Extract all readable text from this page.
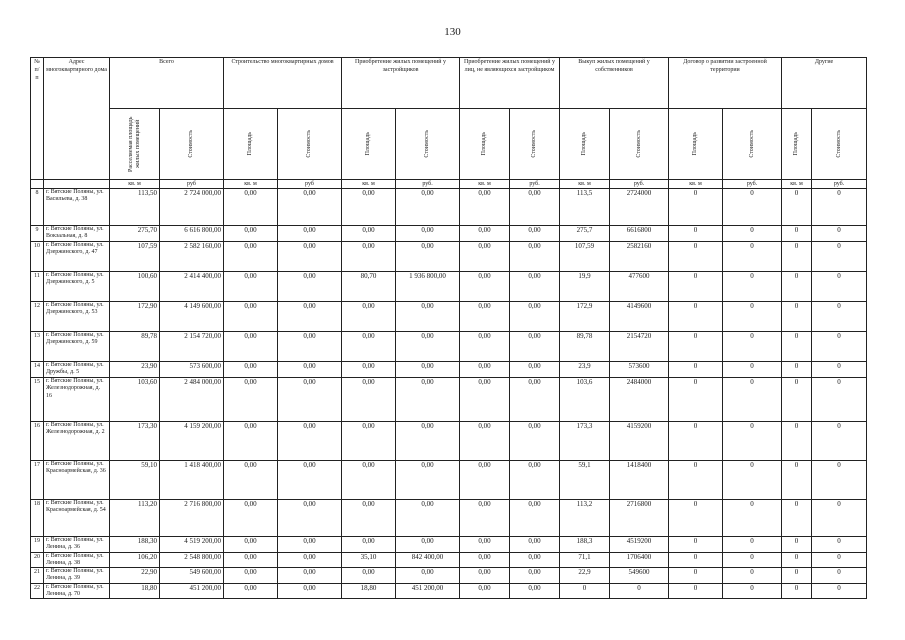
130
№ п/п	Адрес многоквартирного дома	Всего		Строительство многоквартирных домов		Приобретение жилых помещений у застройщиков		Приобретение жилых помещений у лиц, не являющихся застройщиком		Выкуп жилых помещений у собственников		Договор о развитии застроенной территории		Другие	

		Расселяемая площадь жилых помещений	Стоимость	Площадь	Стоимость	Площадь	Стоимость	Площадь	Стоимость	Площадь	Стоимость	Площадь	Стоимость	Площадь	Стоимость

		кв. м	руб	кв. м	руб	кв. м	руб.	кв. м	руб.	кв. м	руб.	кв. м	руб.	кв. м	руб.
8	г. Вятские Поляны, ул. Васильева, д. 38	113,50	2 724 000,00	0,00	0,00	0,00	0,00	0,00	0,00	113,5	2724000	0	0	0	0
9	г. Вятские Поляны, ул. Вокзальная, д. 8	275,70	6 616 800,00	0,00	0,00	0,00	0,00	0,00	0,00	275,7	6616800	0	0	0	0
10	г. Вятские Поляны, ул. Дзержинского, д. 47	107,59	2 582 160,00	0,00	0,00	0,00	0,00	0,00	0,00	107,59	2582160	0	0	0	0
11	г. Вятские Поляны, ул. Дзержинского, д. 5	100,60	2 414 400,00	0,00	0,00	80,70	1 936 800,00	0,00	0,00	19,9	477600	0	0	0	0
12	г. Вятские Поляны, ул. Дзержинского, д. 53	172,90	4 149 600,00	0,00	0,00	0,00	0,00	0,00	0,00	172,9	4149600	0	0	0	0
13	г. Вятские Поляны, ул. Дзержинского, д. 59	89,78	2 154 720,00	0,00	0,00	0,00	0,00	0,00	0,00	89,78	2154720	0	0	0	0
14	г. Вятские Поляны, ул. Дружбы, д. 5	23,90	573 600,00	0,00	0,00	0,00	0,00	0,00	0,00	23,9	573600	0	0	0	0
15	г. Вятские Поляны, ул. Железнодорожная, д. 16	103,60	2 484 000,00	0,00	0,00	0,00	0,00	0,00	0,00	103,6	2484000	0	0	0	0
16	г. Вятские Поляны, ул. Железнодорожная, д. 2	173,30	4 159 200,00	0,00	0,00	0,00	0,00	0,00	0,00	173,3	4159200	0	0	0	0
17	г. Вятские Поляны, ул. Красноармейская, д. 36	59,10	1 418 400,00	0,00	0,00	0,00	0,00	0,00	0,00	59,1	1418400	0	0	0	0
18	г. Вятские Поляны, ул. Красноармейская, д. 54	113,20	2 716 800,00	0,00	0,00	0,00	0,00	0,00	0,00	113,2	2716800	0	0	0	0
19	г. Вятские Поляны, ул. Ленина, д. 36	188,30	4 519 200,00	0,00	0,00	0,00	0,00	0,00	0,00	188,3	4519200	0	0	0	0
20	г. Вятские Поляны, ул. Ленина, д. 38	106,20	2 548 800,00	0,00	0,00	35,10	842 400,00	0,00	0,00	71,1	1706400	0	0	0	0
21	г. Вятские Поляны, ул. Ленина, д. 39	22,90	549 600,00	0,00	0,00	0,00	0,00	0,00	0,00	22,9	549600	0	0	0	0
22	г. Вятские Поляны, ул. Ленина, д. 70	18,80	451 200,00	0,00	0,00	18,80	451 200,00	0,00	0,00	0	0	0	0	0	0
